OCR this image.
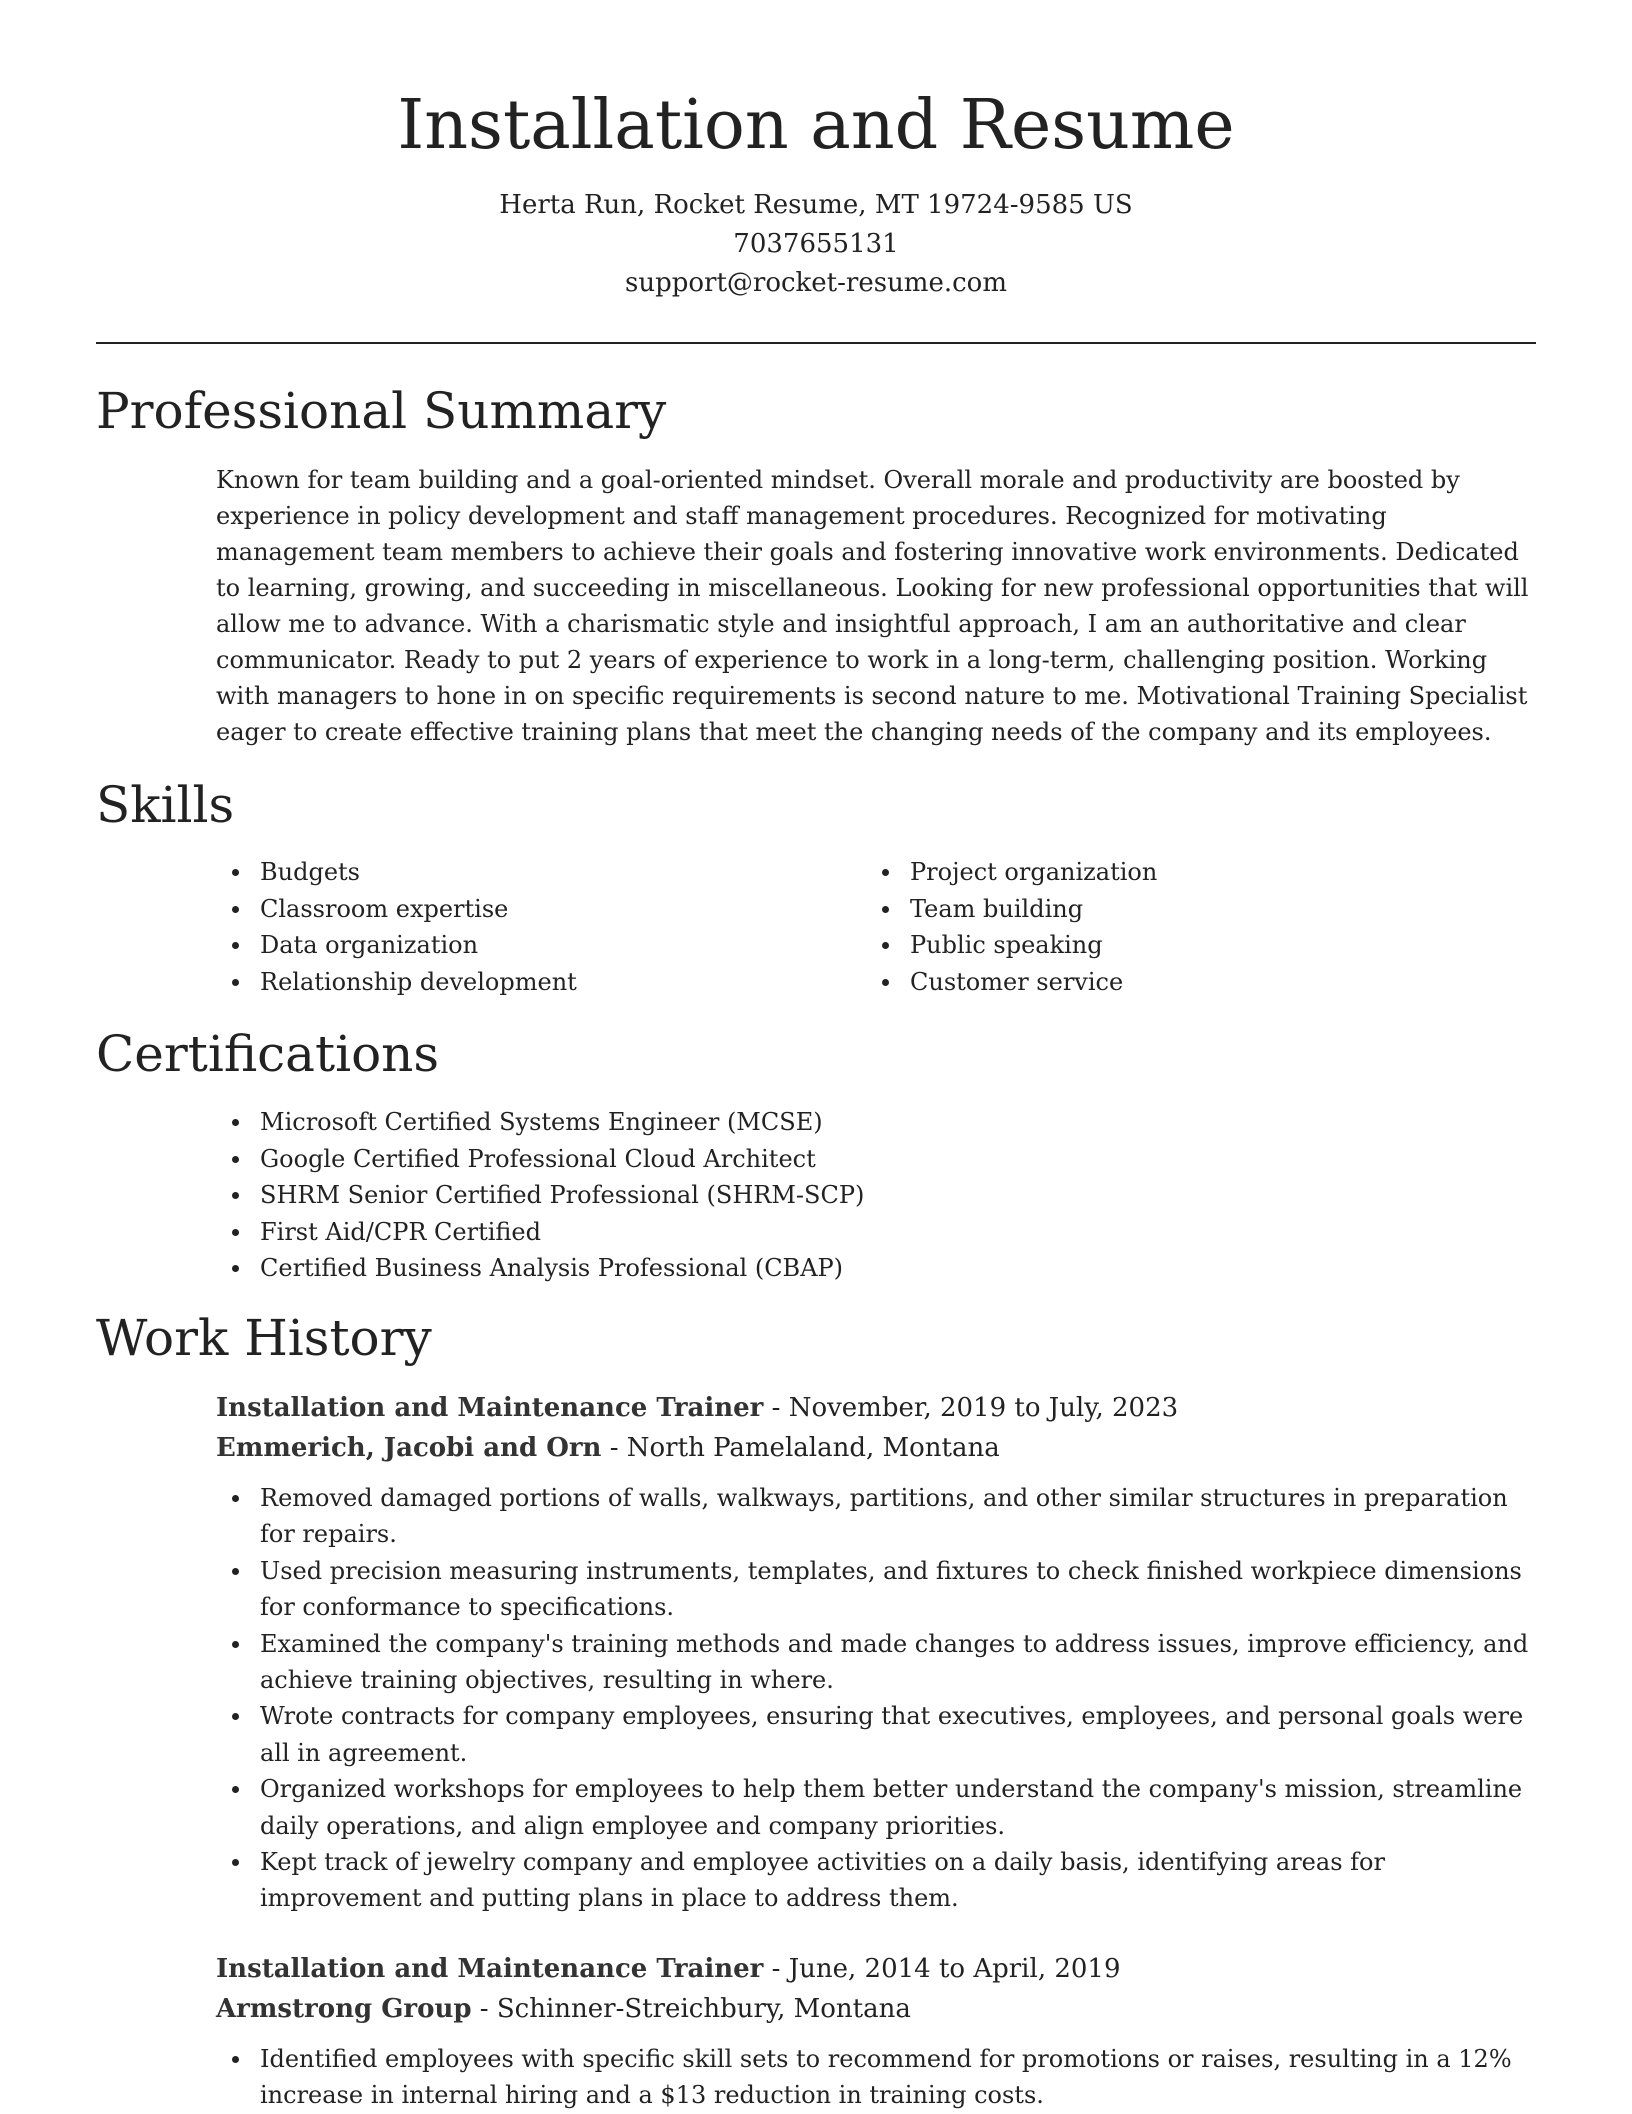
Installation and Resume
Herta Run, Rocket Resume, MT 19724-9585 US
7037655131
support@rocket-resume.com
Professional Summary

Known for team building and a goal-oriented mindset. Overall morale and productivity are boosted by experience in policy development and staff management procedures. Recognized for motivating management team members to achieve their goals and fostering innovative work environments. Dedicated to learning, growing, and succeeding in miscellaneous. Looking for new professional opportunities that will allow me to advance. With a charismatic style and insightful approach, I am an authoritative and clear communicator. Ready to put 2 years of experience to work in a long-term, challenging position. Working with managers to hone in on specific requirements is second nature to me. Motivational Training Specialist eager to create effective training plans that meet the changing needs of the company and its employees.

Skills
Budgets
Classroom expertise
Data organization
Relationship development
Project organization
Team building
Public speaking
Customer service
Certifications
Microsoft Certified Systems Engineer (MCSE)
Google Certified Professional Cloud Architect
SHRM Senior Certified Professional (SHRM-SCP)
First Aid/CPR Certified
Certified Business Analysis Professional (CBAP)
Work History

Installation and Maintenance Trainer - November, 2019 to July, 2023

Emmerich, Jacobi and Orn - North Pamelaland, Montana

Removed damaged portions of walls, walkways, partitions, and other similar structures in preparation for repairs.
Used precision measuring instruments, templates, and fixtures to check finished workpiece dimensions for conformance to specifications.
Examined the company's training methods and made changes to address issues, improve efficiency, and achieve training objectives, resulting in where.
Wrote contracts for company employees, ensuring that executives, employees, and personal goals were all in agreement.
Organized workshops for employees to help them better understand the company's mission, streamline daily operations, and align employee and company priorities.
Kept track of jewelry company and employee activities on a daily basis, identifying areas for improvement and putting plans in place to address them.

Installation and Maintenance Trainer - June, 2014 to April, 2019

Armstrong Group - Schinner-Streichbury, Montana

Identified employees with specific skill sets to recommend for promotions or raises, resulting in a 12% increase in internal hiring and a $13 reduction in training costs.
